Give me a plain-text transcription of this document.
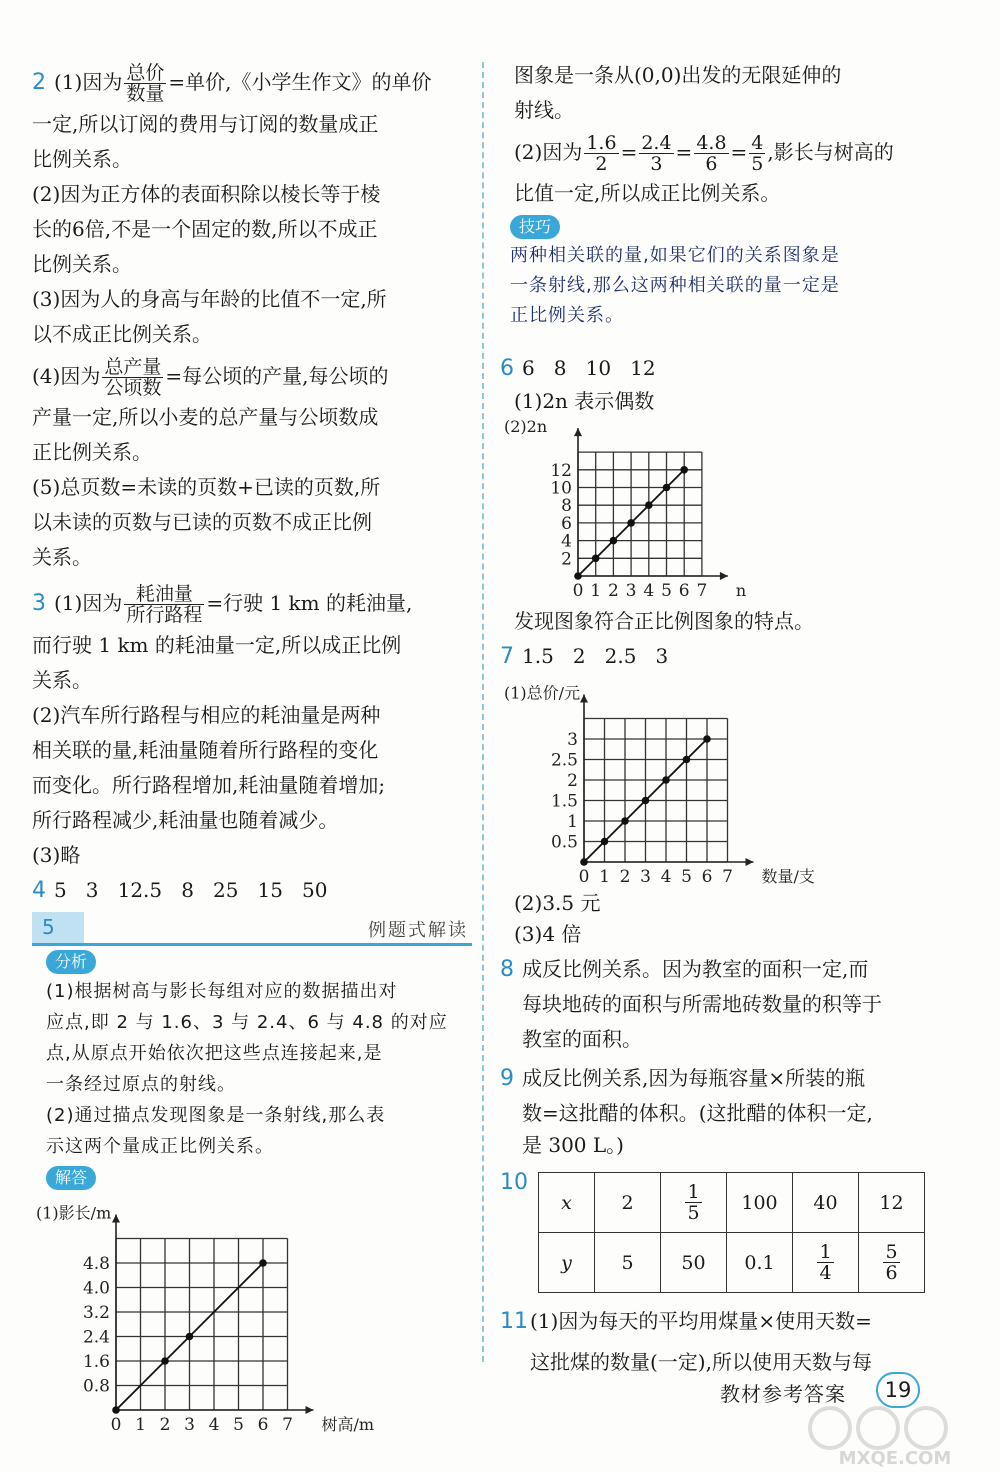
2 (1)因为 $\frac{\text{总价}}{\text{数量}}$ =单价,《小学生作文》的单价
一定,所以订阅的费用与订阅的数量成正
比例关系。
(2)因为正方体的表面积除以棱长等于棱
长的6倍,不是一个固定的数,所以不成正
比例关系。
(3)因为人的身高与年龄的比值不一定,所
以不成正比例关系。
(4)因为 $\frac{\text{总产量}}{\text{公顷数}}$ =每公顷的产量,每公顷的
产量一定,所以小麦的总产量与公顷数成
正比例关系。
(5)总页数=未读的页数+已读的页数,所
以未读的页数与已读的页数不成正比例
关系。
3 (1)因为 $\frac{\text{耗油量}}{\text{所行路程}}$ =行驶 1 km 的耗油量,
而行驶 1 km 的耗油量一定,所以成正比例
关系。
(2)汽车所行路程与相应的耗油量是两种
相关联的量,耗油量随着所行路程的变化
而变化。所行路程增加,耗油量随着增加;
所行路程减少,耗油量也随着减少。
(3)略
4 5   3   12.5   8   25   15   50
5	例题式解读
分析
(1)根据树高与影长每组对应的数据描出对
应点,即 2 与 1.6、3 与 2.4、6 与 4.8 的对应
点,从原点开始依次把这些点连接起来,是
一条经过原点的射线。
(2)通过描点发现图象是一条射线,那么表
示这两个量成正比例关系。
解答
0 1 2 3 4 5 6 7
0.8
1.6
2.4
3.2
4.0
4.8
树高/m
(1)影长/m
图象是一条从(0,0)出发的无限延伸的
射线。
(2)因为 $\frac{1.6}{2} = \frac{2.4}{3} = \frac{4.8}{6} = \frac{4}{5}$ ,影长与树高的
比值一定,所以成正比例关系。
技巧
两种相关联的量,如果它们的关系图象是
一条射线,那么这两种相关联的量一定是
正比例关系。
6 6   8   10   12
(1)2n 表示偶数
0 1 2 3 4 5 6 7
2
4
6
8
10
12
n
(2)2n
发现图象符合正比例图象的特点。
7 1.5   2   2.5   3
0 1 2 3 4 5 6 7
0.5
1
1.5
2
2.5
3
数量/支
(1)总价/元
(2)3.5 元
(3)4 倍
8 成反比例关系。因为教室的面积一定,而
每块地砖的面积与所需地砖数量的积等于
教室的面积。
9 成反比例关系,因为每瓶容量×所装的瓶
数=这批醋的体积。(这批醋的体积一定,
是 300 L。)
10
x	2	$\frac{1}{5}$	100	40	12
y	5	50	0.1	$\frac{1}{4}$	$\frac{5}{6}$
11 (1)因为每天的平均用煤量×使用天数=
这批煤的数量(一定),所以使用天数与每
教材参考答案	19
MXQE.COM
